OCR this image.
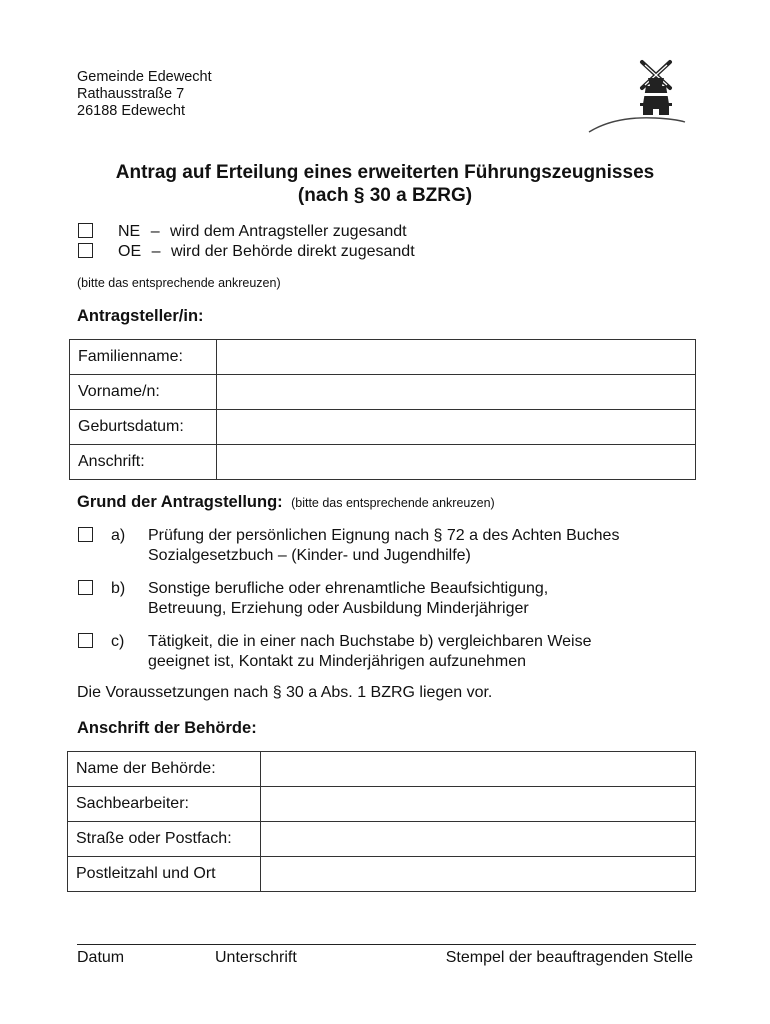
Gemeinde Edewecht
Rathausstraße 7
26188 Edewecht
Antrag auf Erteilung eines erweiterten Führungszeugnisses
(nach § 30 a BZRG)
NE – wird dem Antragsteller zugesandt
OE – wird der Behörde direkt zugesandt
(bitte das entsprechende ankreuzen)
Antragsteller/in:
Familienname:	
Vorname/n:	
Geburtsdatum:	
Anschrift:	
Grund der Antragstellung: (bitte das entsprechende ankreuzen)
a) Prüfung der persönlichen Eignung nach § 72 a des Achten Buches
Sozialgesetzbuch – (Kinder- und Jugendhilfe)
b) Sonstige berufliche oder ehrenamtliche Beaufsichtigung,
Betreuung, Erziehung oder Ausbildung Minderjähriger
c) Tätigkeit, die in einer nach Buchstabe b) vergleichbaren Weise
geeignet ist, Kontakt zu Minderjährigen aufzunehmen
Die Voraussetzungen nach § 30 a Abs. 1 BZRG liegen vor.
Anschrift der Behörde:
Name der Behörde:	
Sachbearbeiter:	
Straße oder Postfach:	
Postleitzahl und Ort	
Datum	Unterschrift	Stempel der beauftragenden Stelle
